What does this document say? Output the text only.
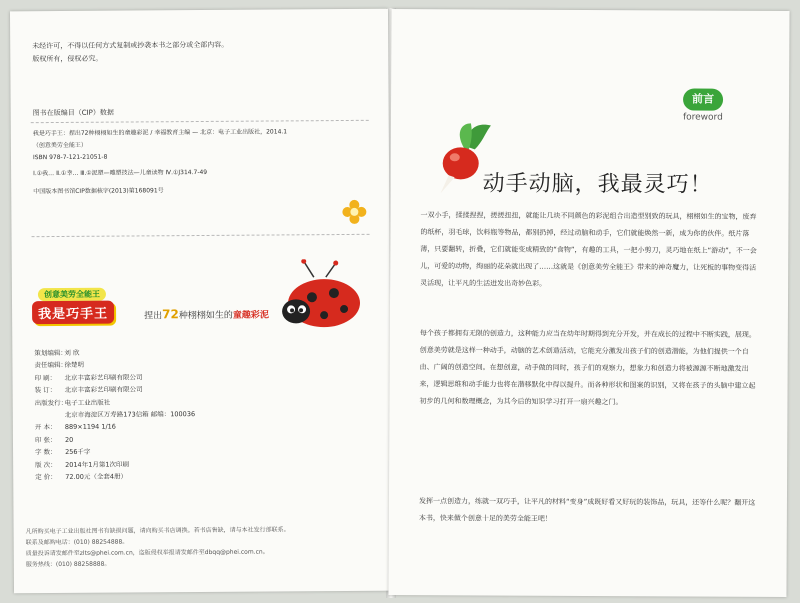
未经许可，不得以任何方式复制或抄袭本书之部分或全部内容。
版权所有，侵权必究。
图书在版编目（CIP）数据
我是巧手王：捏出72种栩栩如生的童趣彩泥 / 幸福教育主编 — 北京：电子工业出版社，2014.1
（创意美劳全能王）
ISBN 978-7-121-21051-8
Ⅰ.①我… Ⅱ.①幸… Ⅲ.①泥塑—雕塑技法—儿童读物 Ⅳ.①J314.7-49
中国版本图书馆CIP数据核字(2013)第168091号
创意美劳全能王
我是巧手王	捏出72种栩栩如生的童趣彩泥
策划编辑：刘 欣
责任编辑：徐楚明
印 刷： 北京丰富彩艺印刷有限公司
装 订： 北京丰富彩艺印刷有限公司
出版发行：电子工业出版社
北京市海淀区万寿路173信箱 邮编：100036
开 本： 889×1194 1/16
印 张： 20
字 数： 256千字
版 次： 2014年1月第1次印刷
定 价： 72.00元（全套4册）
凡所购买电子工业出版社图书有缺损问题，请向购买书店调换。若书店售缺，请与本社发行部联系。
联系及邮购电话：(010) 88254888。
质量投诉请发邮件至zlts@phei.com.cn，盗版侵权举报请发邮件至dbqq@phei.com.cn。
服务热线：(010) 88258888。
前言
foreword
动手动脑，我最灵巧！
一双小手，揉揉捏捏，搓搓扭扭，就能让几块不同颜色的彩泥组合出造型别致的玩具，栩栩如生的宝物，废弃的纸杯，羽毛球，饮料瓶等物品，都别扔掉，经过动脑和动手，它们就能焕然一新，成为你的伙伴。纸片落薄，只要翻转，折叠，它们就能变成精致的“食物”，有趣的工具，一把小剪刀，灵巧地在纸上“游动”，不一会儿，可爱的动物，绚丽的花朵就出现了……这就是《创意美劳全能王》带来的神奇魔力，让死板的事物变得活灵活现，让平凡的生活迸发出奇妙色彩。
每个孩子都拥有无限的创造力，这种能力应当在幼年时期得到充分开发，并在成长的过程中不断实践，展现。创意美劳就是这样一种动手，动脑的艺术创造活动，它能充分激发出孩子们的创造潜能，为他们提供一个自由、广阔的创造空间。在想创意，动手做的同时，孩子们的观察力，想象力和创造力将被源源不断地激发出来，逻辑思维和动手能力也将在潜移默化中得以提升。而各种形状和图案的识别，又将在孩子的头脑中建立起初步的几何和数理概念，为其今后的知识学习打开一扇兴趣之门。
发挥一点创造力，练就一双巧手，让平凡的材料“变身”成既好看又好玩的装饰品，玩具，还等什么呢？翻开这本书，快来做个创意十足的美劳全能王吧！
